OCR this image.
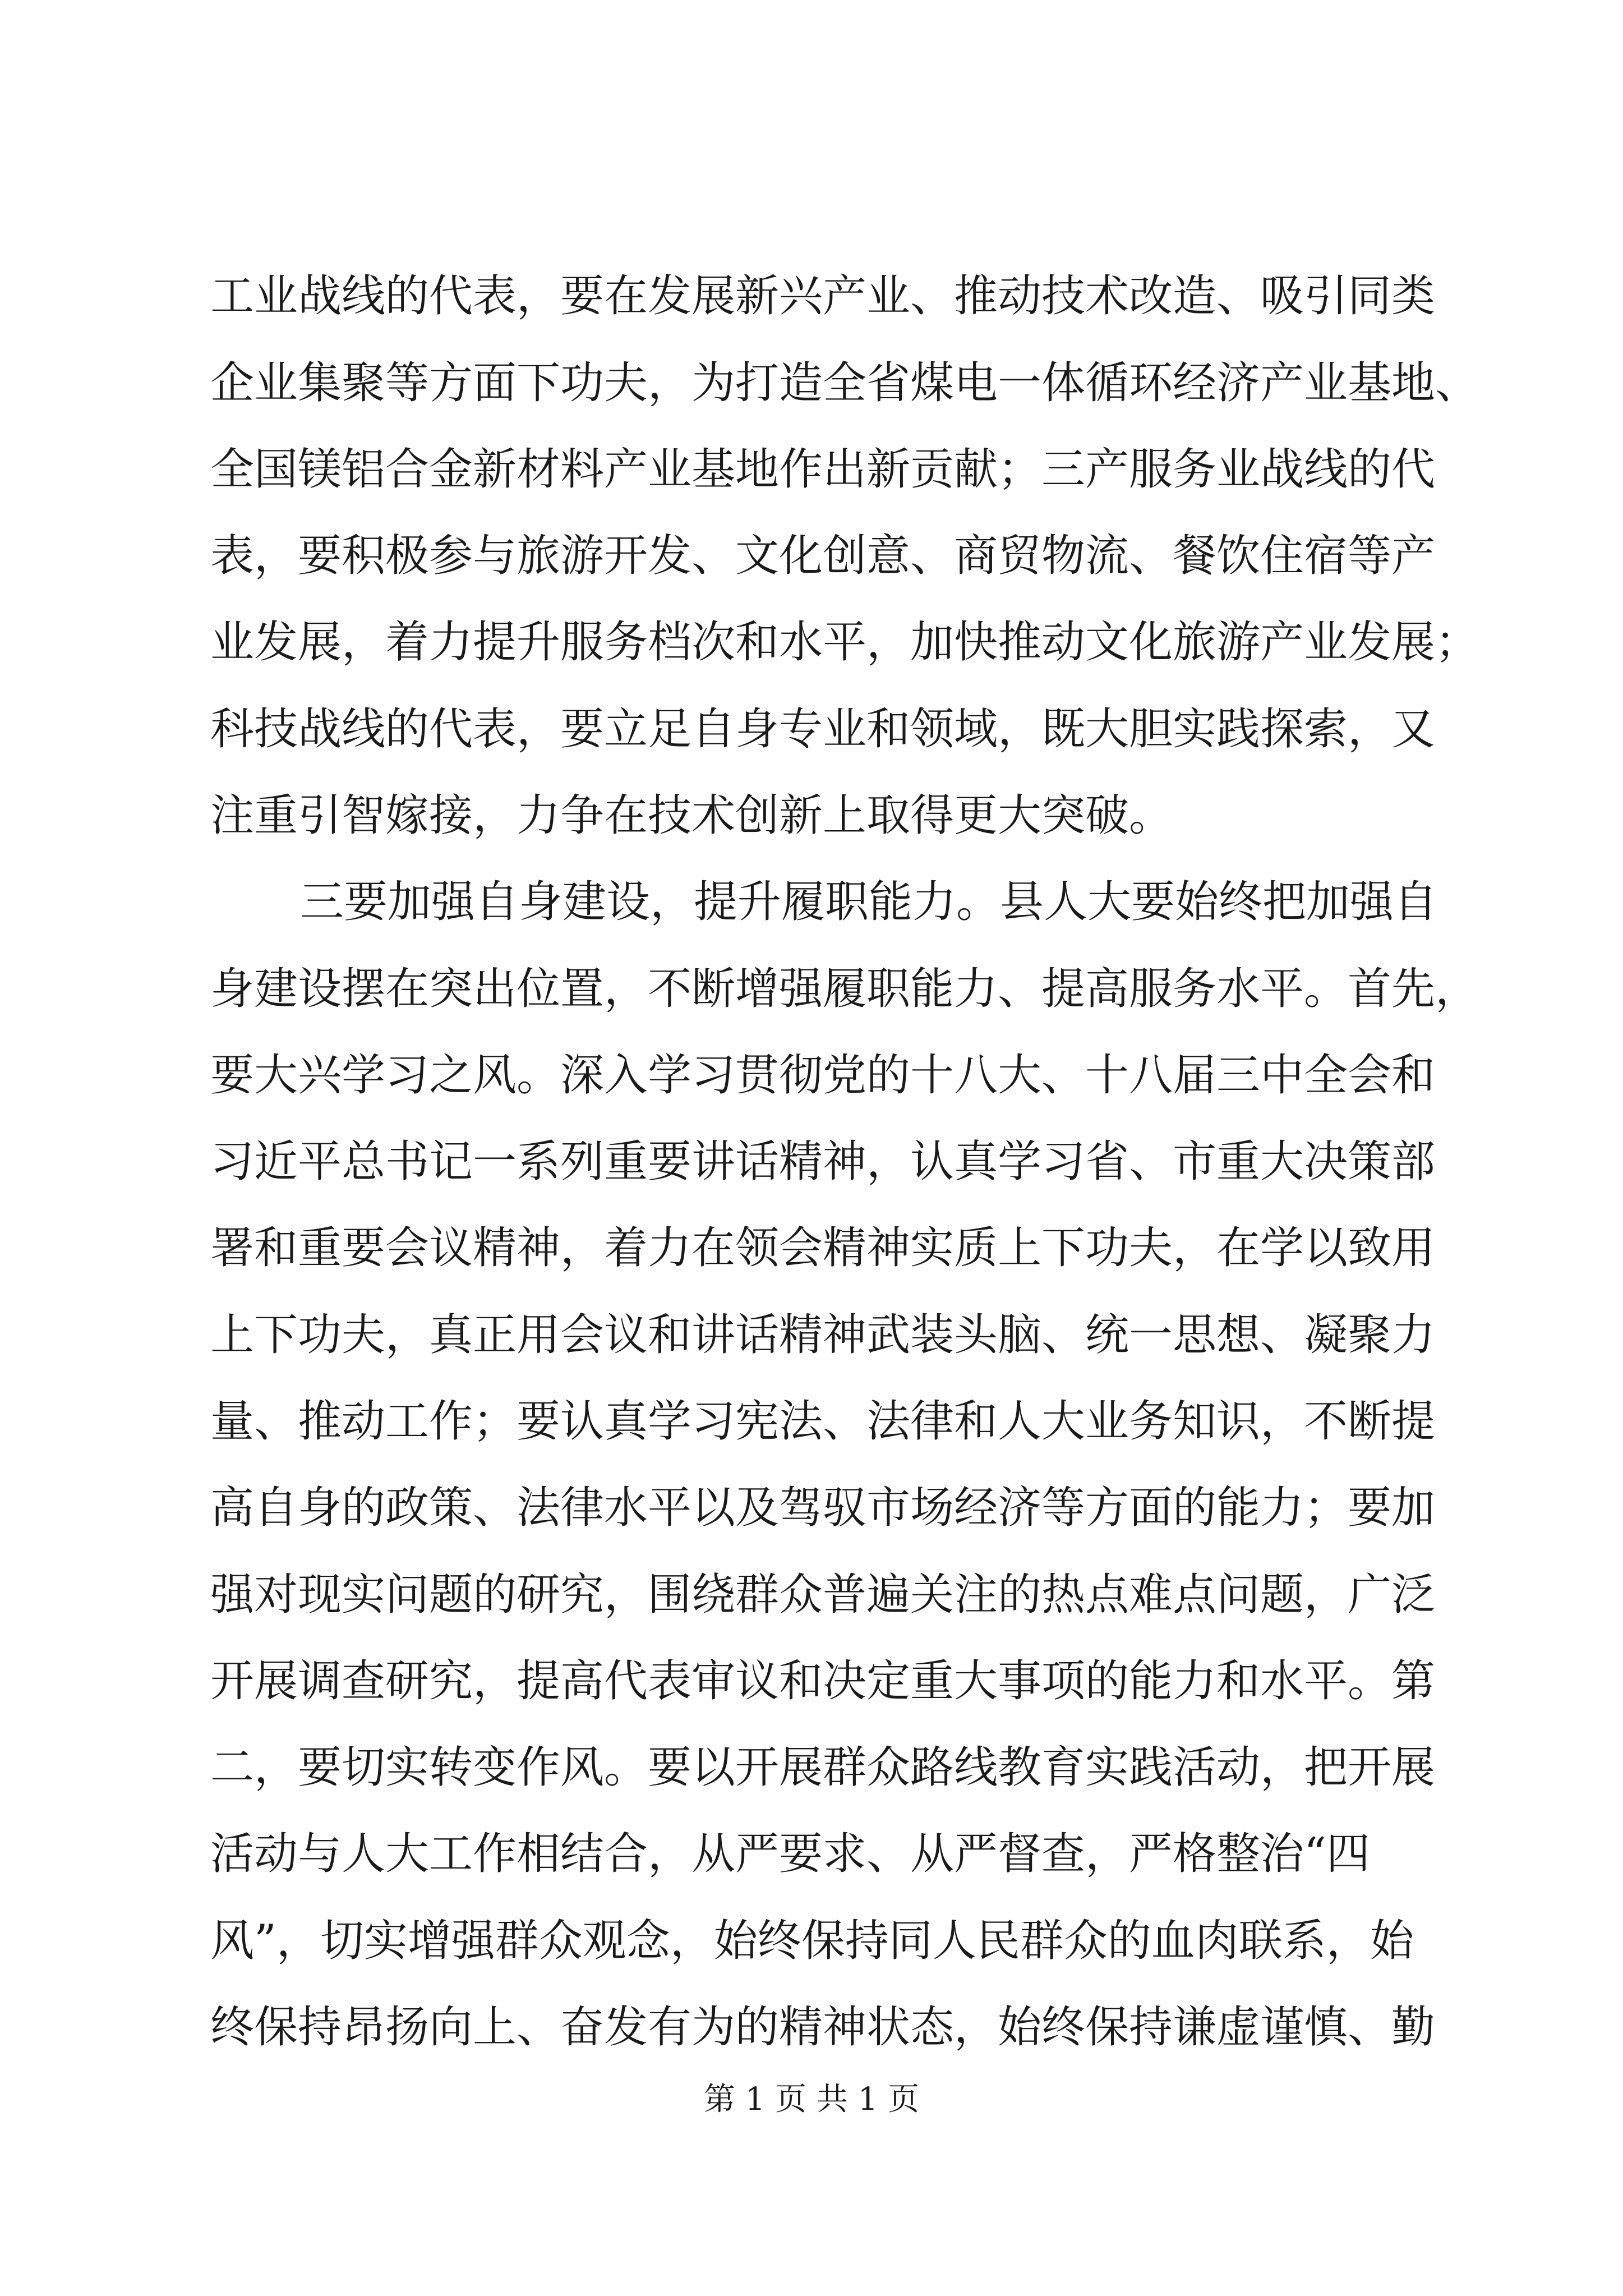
工业战线的代表，要在发展新兴产业、推动技术改造、吸引同类
企业集聚等方面下功夫，为打造全省煤电一体循环经济产业基地、
全国镁铝合金新材料产业基地作出新贡献；三产服务业战线的代
表，要积极参与旅游开发、文化创意、商贸物流、餐饮住宿等产
业发展，着力提升服务档次和水平，加快推动文化旅游产业发展；
科技战线的代表，要立足自身专业和领域，既大胆实践探索，又
注重引智嫁接，力争在技术创新上取得更大突破。
三要加强自身建设，提升履职能力。县人大要始终把加强自
身建设摆在突出位置，不断增强履职能力、提高服务水平。首先，
要大兴学习之风。深入学习贯彻党的十八大、十八届三中全会和
习近平总书记一系列重要讲话精神，认真学习省、市重大决策部
署和重要会议精神，着力在领会精神实质上下功夫，在学以致用
上下功夫，真正用会议和讲话精神武装头脑、统一思想、凝聚力
量、推动工作；要认真学习宪法、法律和人大业务知识，不断提
高自身的政策、法律水平以及驾驭市场经济等方面的能力；要加
强对现实问题的研究，围绕群众普遍关注的热点难点问题，广泛
开展调查研究，提高代表审议和决定重大事项的能力和水平。第
二，要切实转变作风。要以开展群众路线教育实践活动，把开展
活动与人大工作相结合，从严要求、从严督查，严格整治“四
风”，切实增强群众观念，始终保持同人民群众的血肉联系，始
终保持昂扬向上、奋发有为的精神状态，始终保持谦虚谨慎、勤
第 1 页 共 1 页
